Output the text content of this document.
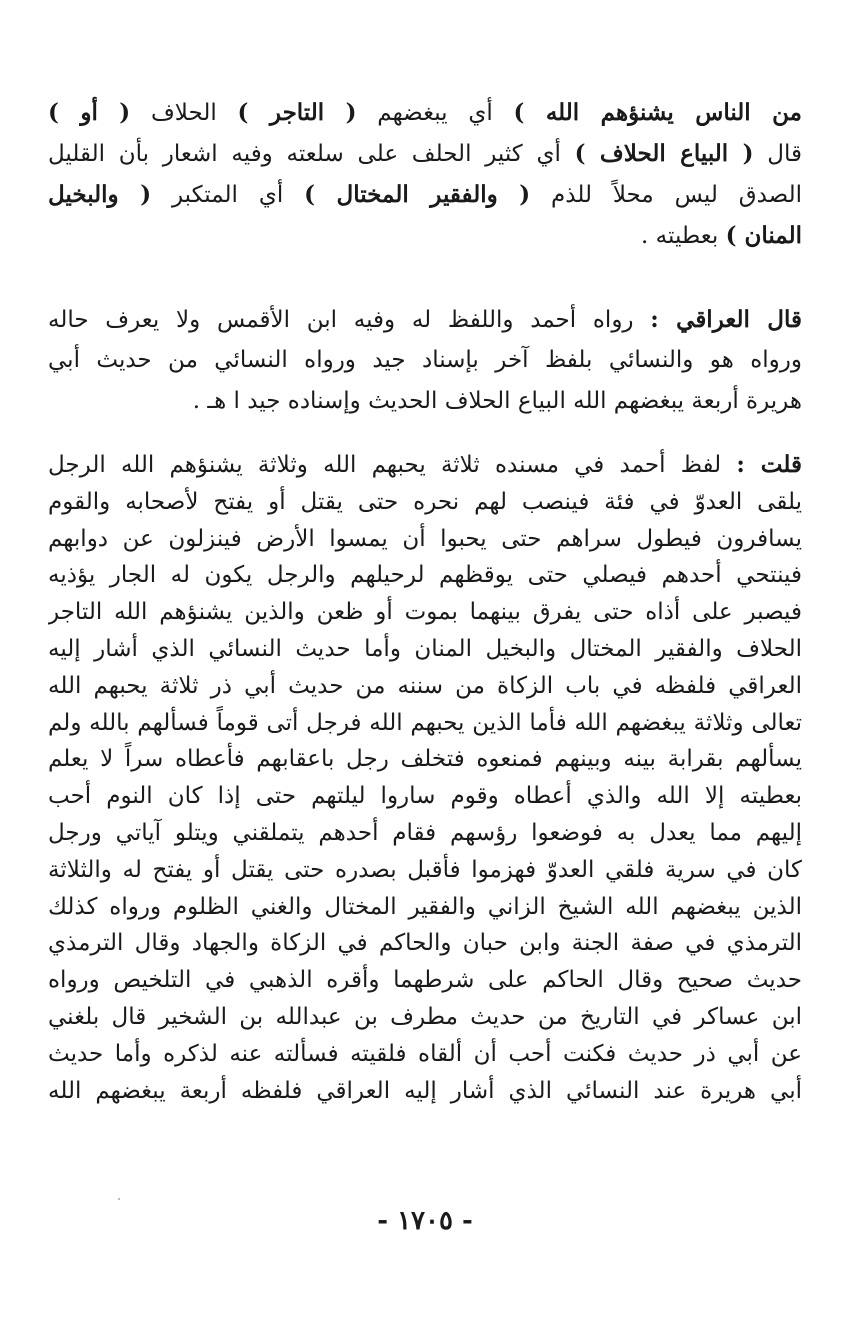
من الناس يشنؤهم الله ) أي يبغضهم ( التاجر ) الحلاف ( أو )
قال ( البياع الحلاف ) أي كثير الحلف على سلعته وفيه اشعار بأن القليل
الصدق ليس محلاً للذم ( والفقير المختال ) أي المتكبر ( والبخيل
المنان ) بعطيته .
قال العراقي : رواه أحمد واللفظ له وفيه ابن الأقمس ولا يعرف حاله
ورواه هو والنسائي بلفظ آخر بإسناد جيد ورواه النسائي من حديث أبي
هريرة أربعة يبغضهم الله البياع الحلاف الحديث وإسناده جيد ا هـ .
قلت : لفظ أحمد في مسنده ثلاثة يحبهم الله وثلاثة يشنؤهم الله الرجل
يلقى العدوّ في فئة فينصب لهم نحره حتى يقتل أو يفتح لأصحابه والقوم
يسافرون فيطول سراهم حتى يحبوا أن يمسوا الأرض فينزلون عن دوابهم
فينتحي أحدهم فيصلي حتى يوقظهم لرحيلهم والرجل يكون له الجار يؤذيه
فيصبر على أذاه حتى يفرق بينهما بموت أو ظعن والذين يشنؤهم الله التاجر
الحلاف والفقير المختال والبخيل المنان وأما حديث النسائي الذي أشار إليه
العراقي فلفظه في باب الزكاة من سننه من حديث أبي ذر ثلاثة يحبهم الله
تعالى وثلاثة يبغضهم الله فأما الذين يحبهم الله فرجل أتى قوماً فسألهم بالله ولم
يسألهم بقرابة بينه وبينهم فمنعوه فتخلف رجل باعقابهم فأعطاه سراً لا يعلم
بعطيته إلا الله والذي أعطاه وقوم ساروا ليلتهم حتى إذا كان النوم أحب
إليهم مما يعدل به فوضعوا رؤسهم فقام أحدهم يتملقني ويتلو آياتي ورجل
كان في سرية فلقي العدوّ فهزموا فأقبل بصدره حتى يقتل أو يفتح له والثلاثة
الذين يبغضهم الله الشيخ الزاني والفقير المختال والغني الظلوم ورواه كذلك
الترمذي في صفة الجنة وابن حبان والحاكم في الزكاة والجهاد وقال الترمذي
حديث صحيح وقال الحاكم على شرطهما وأقره الذهبي في التلخيص ورواه
ابن عساكر في التاريخ من حديث مطرف بن عبدالله بن الشخير قال بلغني
عن أبي ذر حديث فكنت أحب أن ألقاه فلقيته فسألته عنه لذكره وأما حديث
أبي هريرة عند النسائي الذي أشار إليه العراقي فلفظه أربعة يبغضهم الله
- ١٧٠٥ -
